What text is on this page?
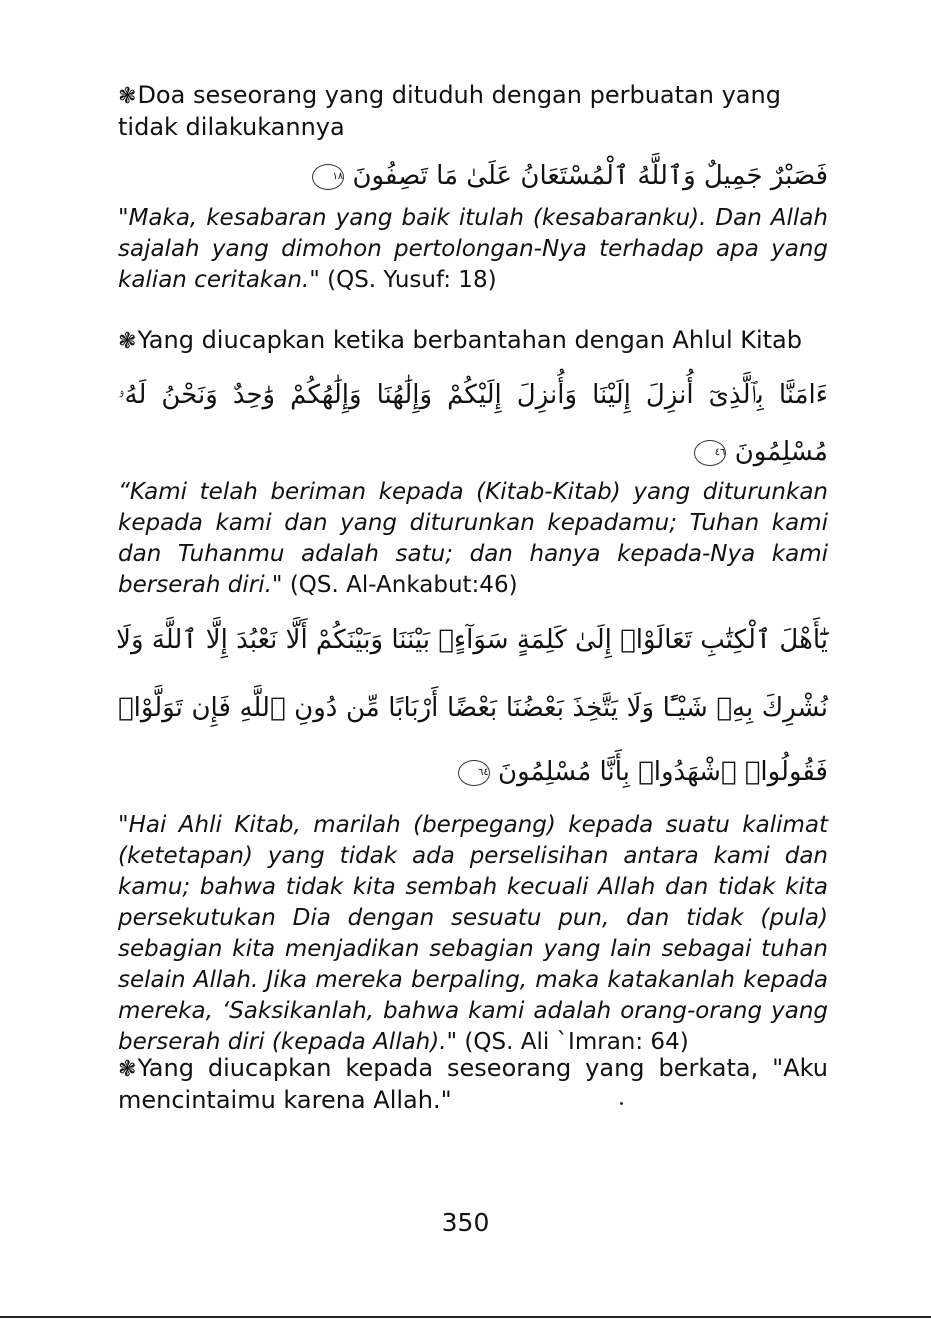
❃Doa seseorang yang dituduh dengan perbuatan yang tidak dilakukannya
فَصَبْرٌ جَمِيلٌ وَٱللَّهُ ٱلْمُسْتَعَانُ عَلَىٰ مَا تَصِفُونَ ١٨
"Maka, kesabaran yang baik itulah (kesabaranku). Dan Allah sajalah yang dimohon pertolongan-Nya terhadap apa yang kalian ceritakan." (QS. Yusuf: 18)
❃Yang diucapkan ketika berbantahan dengan Ahlul Kitab
ءَامَنَّا بِٱلَّذِىٓ أُنزِلَ إِلَيْنَا وَأُنزِلَ إِلَيْكُمْ وَإِلَٰهُنَا وَإِلَٰهُكُمْ وَٰحِدٌ وَنَحْنُ لَهُۥ
مُسْلِمُونَ ٤٦
“Kami telah beriman kepada (Kitab-Kitab) yang diturunkan kepada kami dan yang diturunkan kepadamu; Tuhan kami dan Tuhanmu adalah satu; dan hanya kepada-Nya kami berserah diri." (QS. Al-Ankabut:46)
يَٰٓأَهْلَ ٱلْكِتَٰبِ تَعَالَوْا۟ إِلَىٰ كَلِمَةٍ سَوَآءٍۭ بَيْنَنَا وَبَيْنَكُمْ أَلَّا نَعْبُدَ إِلَّا ٱللَّهَ وَلَا
نُشْرِكَ بِهِۦ شَيْـًٔا وَلَا يَتَّخِذَ بَعْضُنَا بَعْضًا أَرْبَابًا مِّن دُونِ ٱللَّهِ فَإِن تَوَلَّوْا۟
فَقُولُوا۟ ٱشْهَدُوا۟ بِأَنَّا مُسْلِمُونَ ٦٤
"Hai Ahli Kitab, marilah (berpegang) kepada suatu kalimat (ketetapan) yang tidak ada perselisihan antara kami dan kamu; bahwa tidak kita sembah kecuali Allah dan tidak kita persekutukan Dia dengan sesuatu pun, dan tidak (pula) sebagian kita menjadikan sebagian yang lain sebagai tuhan selain Allah. Jika mereka berpaling, maka katakanlah kepada mereka, ‘Saksikanlah, bahwa kami adalah orang-orang yang berserah diri (kepada Allah)." (QS. Ali `Imran: 64)
❃Yang diucapkan kepada seseorang yang berkata, "Aku mencintaimu karena Allah."
350
